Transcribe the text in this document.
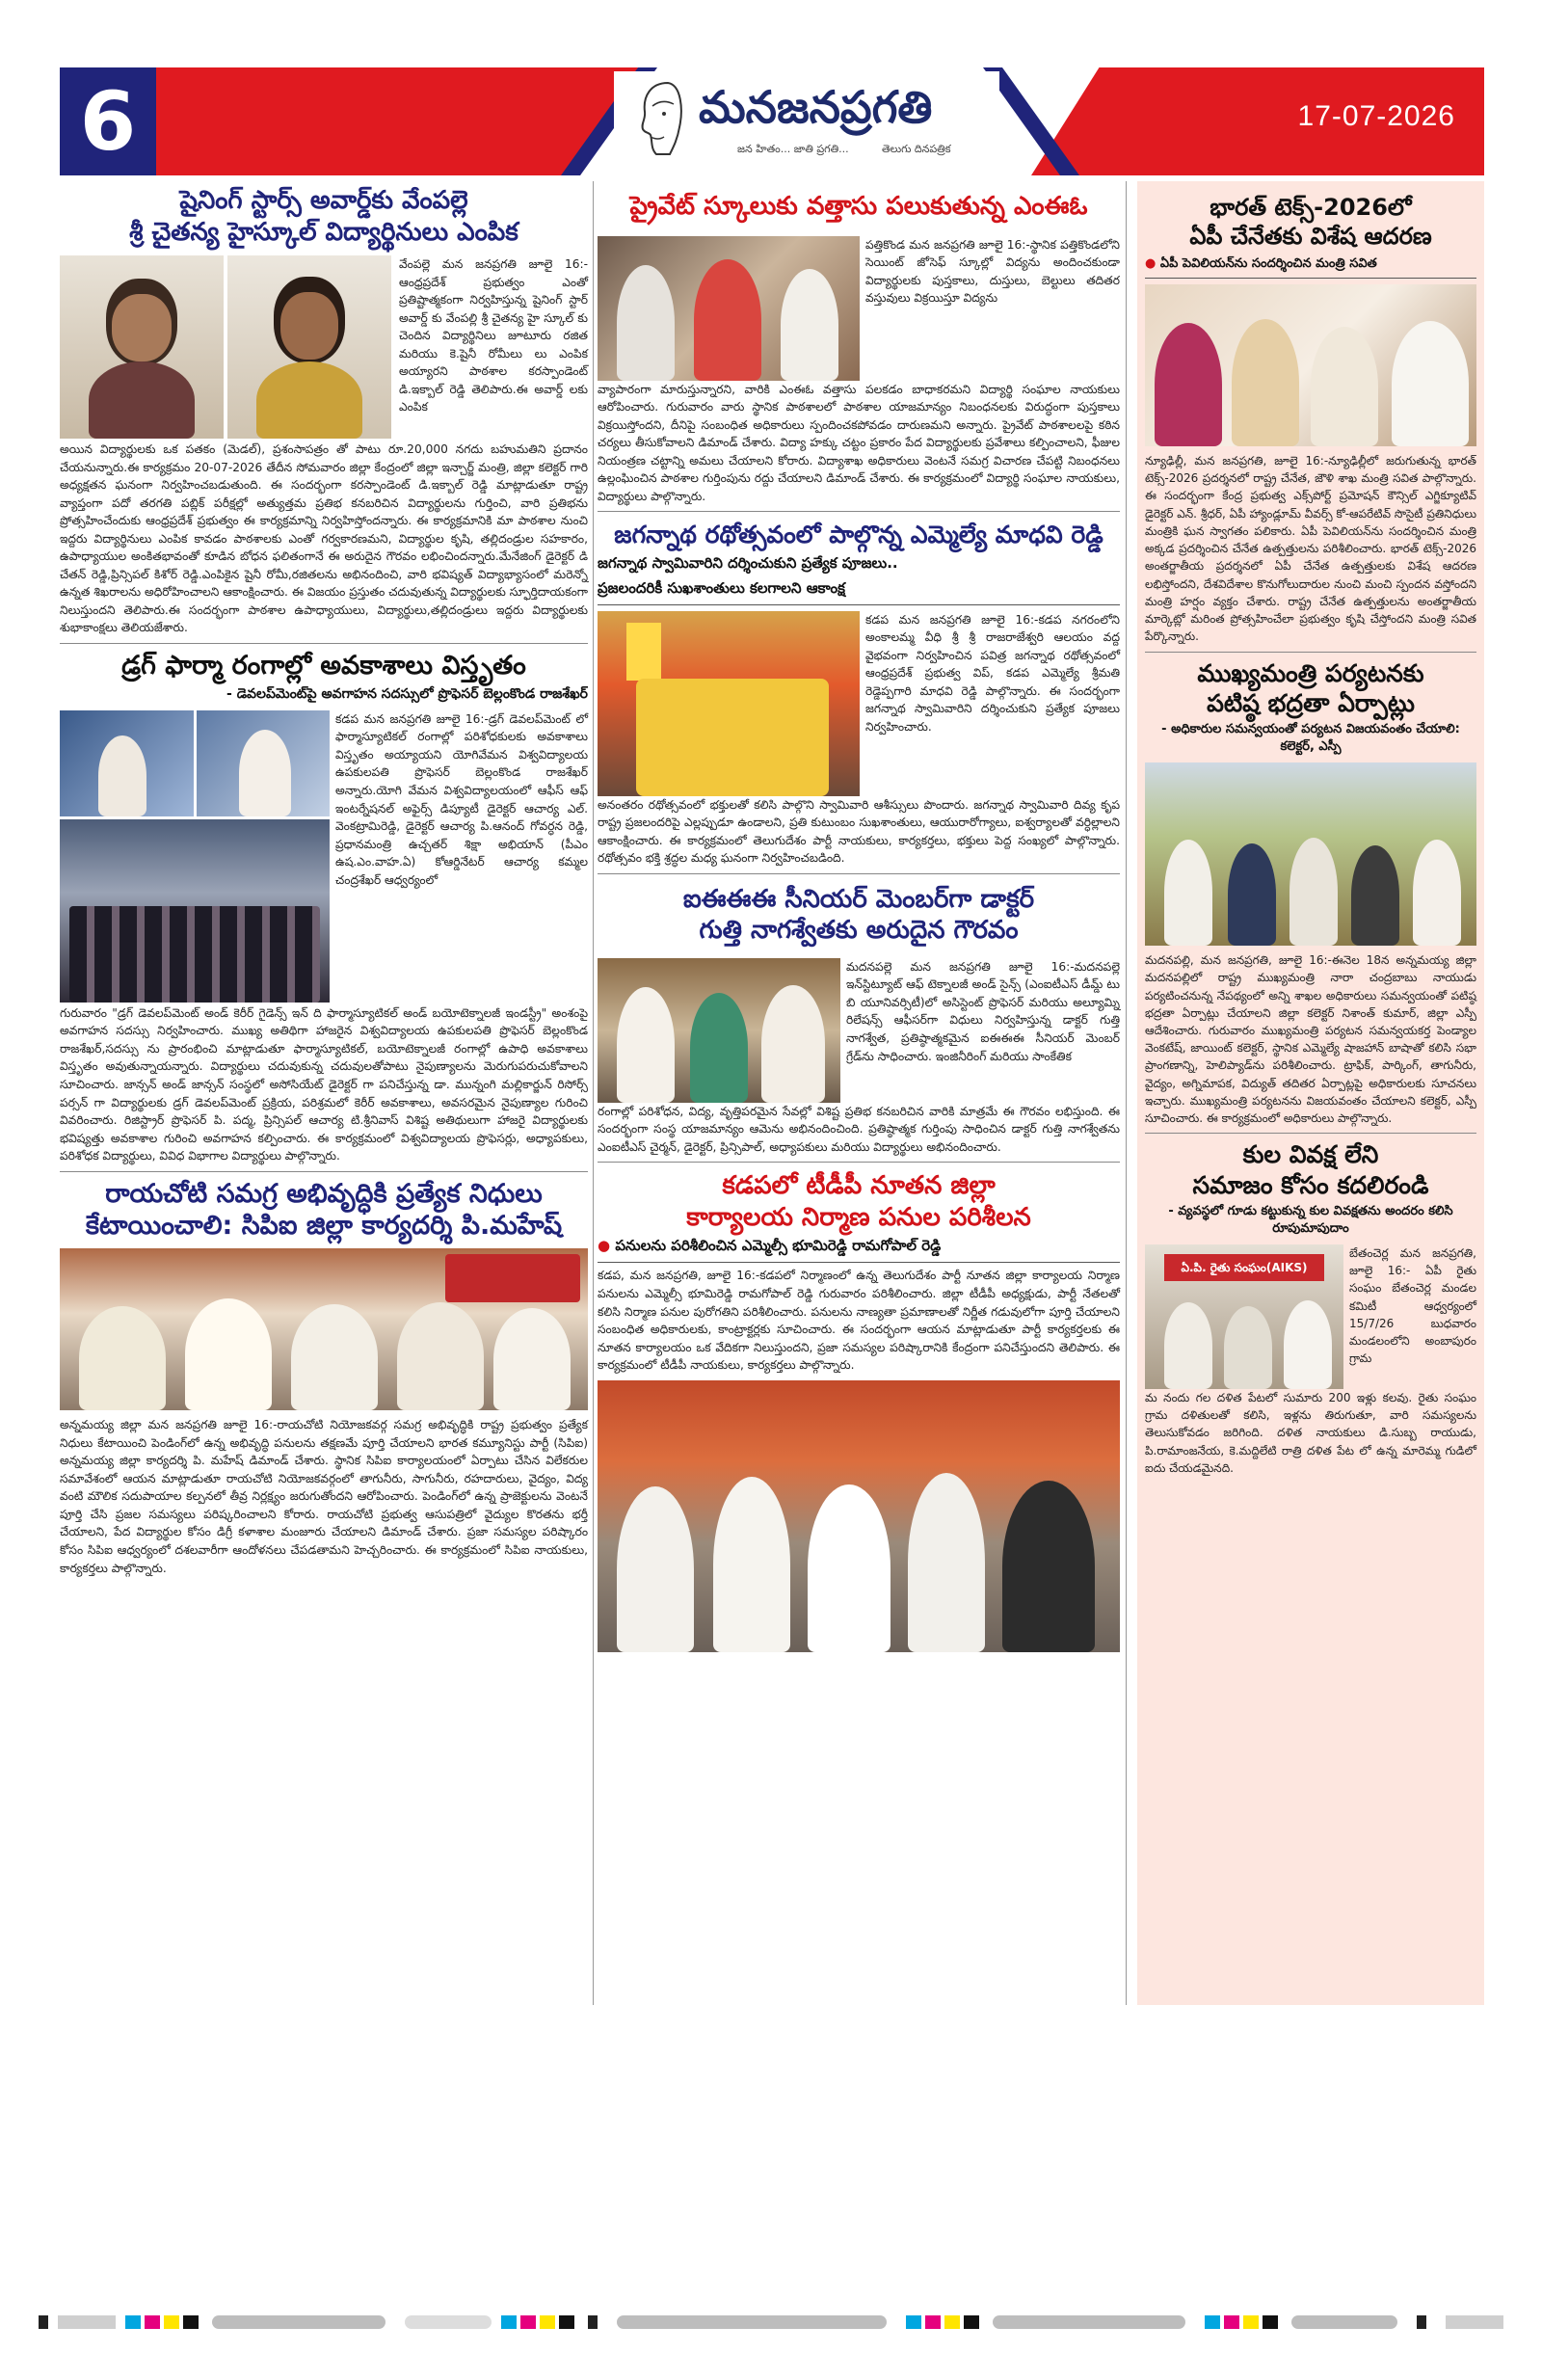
6	మనజనప్రగతి
జన హితం... జాతి ప్రగతి...	తెలుగు దినపత్రిక
17-07-2026
షైనింగ్ స్టార్స్ అవార్డ్‌కు వేంపల్లె
శ్రీ చైతన్య హైస్కూల్ విద్యార్థినులు ఎంపిక

వేంపల్లె మన జనప్రగతి జూలై 16:-ఆంధ్రప్రదేశ్ ప్రభుత్వం ఎంతో ప్రతిష్టాత్మకంగా నిర్వహిస్తున్న షైనింగ్ స్టార్ అవార్డ్ కు వేంపల్లి శ్రీ చైతన్య హై స్కూల్ కు చెందిన విద్యార్థినిలు జూటూరు రజిత మరియు కె.షైనీ రోమీలు లు ఎంపిక అయ్యారని పాఠశాల కరస్పాండెంట్ డి.ఇక్బాల్ రెడ్డి తెలిపారు.ఈ అవార్డ్ లకు ఎంపిక

అయిన విద్యార్థులకు ఒక పతకం (మెడల్), ప్రశంసాపత్రం తో పాటు రూ.20,000 నగదు బహుమతిని ప్రదానం చేయనున్నారు.ఈ కార్యక్రమం 20-07-2026 తేదీన సోమవారం జిల్లా కేంద్రంలో జిల్లా ఇన్చార్జ్ మంత్రి, జిల్లా కలెక్టర్ గారి అధ్యక్షతన ఘనంగా నిర్వహించబడుతుంది. ఈ సందర్భంగా కరస్పాండెంట్ డి.ఇక్బాల్ రెడ్డి మాట్లాడుతూ రాష్ట్ర వ్యాప్తంగా పదో తరగతి పబ్లిక్ పరీక్షల్లో అత్యుత్తమ ప్రతిభ కనబరిచిన విద్యార్థులను గుర్తించి, వారి ప్రతిభను ప్రోత్సహించేందుకు ఆంధ్రప్రదేశ్ ప్రభుత్వం ఈ కార్యక్రమాన్ని నిర్వహిస్తోందన్నారు. ఈ కార్యక్రమానికి మా పాఠశాల నుంచి ఇద్దరు విద్యార్థినులు ఎంపిక కావడం పాఠశాలకు ఎంతో గర్వకారణమని, విద్యార్థుల కృషి, తల్లిదండ్రుల సహకారం, ఉపాధ్యాయుల అంకితభావంతో కూడిన బోధన ఫలితంగానే ఈ అరుదైన గౌరవం లభించిందన్నారు.మేనేజింగ్ డైరెక్టర్ డి చేతన్ రెడ్డి,ప్రిన్సిపల్ కిశోర్ రెడ్డి.ఎంపికైన షైనీ రోమీ,రజితలను అభినందించి, వారి భవిష్యత్ విద్యాభ్యాసంలో మరెన్నో ఉన్నత శిఖరాలను అధిరోహించాలని ఆకాంక్షించారు. ఈ విజయం ప్రస్తుతం చదువుతున్న విద్యార్థులకు స్ఫూర్తిదాయకంగా నిలుస్తుందని తెలిపారు.ఈ సందర్భంగా పాఠశాల ఉపాధ్యాయులు, విద్యార్థులు,తల్లిదండ్రులు ఇద్దరు విద్యార్థులకు శుభాకాంక్షలు తెలియజేశారు.

డ్రగ్ ఫార్మా రంగాల్లో అవకాశాలు విస్తృతం
- డెవలప్‌మెంట్‌పై అవగాహన సదస్సులో ప్రొఫెసర్ బెల్లంకొండ రాజశేఖర్

కడప మన జనప్రగతి జూలై 16:-డ్రగ్ డెవలప్‌మెంట్ లో ఫార్మాస్యూటికల్ రంగాల్లో పరిశోధకులకు అవకాశాలు విస్తృతం అయ్యాయని యోగివేమన విశ్వవిద్యాలయ ఉపకులపతి ప్రొఫెసర్ బెల్లంకొండ రాజశేఖర్ అన్నారు.యోగి వేమన విశ్వవిద్యాలయంలో ఆఫీస్ ఆఫ్ ఇంటర్నేషనల్ అఫైర్స్ డిప్యూటీ డైరెక్టర్ ఆచార్య ఎల్. వెంకట్రామిరెడ్డి, డైరెక్టర్ ఆచార్య పి.ఆనంద్ గోవర్ధన రెడ్డి, ప్రధానమంత్రి ఉచ్చతర్ శిక్షా అభియాన్ (పీఎం ఉష.ఎం.వాహ.ఏ) కోఆర్డినేటర్ ఆచార్య కమ్మల చంద్రశేఖర్ ఆధ్వర్యంలో

గురువారం "డ్రగ్ డెవలప్‌మెంట్ అండ్ కెరీర్ గైడెన్స్ ఇన్ ది ఫార్మాస్యూటికల్ అండ్ బయోటెక్నాలజీ ఇండస్ట్రీ" అంశంపై అవగాహన సదస్సు నిర్వహించారు. ముఖ్య అతిథిగా హాజరైన విశ్వవిద్యాలయ ఉపకులపతి ప్రొఫెసర్ బెల్లంకొండ రాజశేఖర్,సదస్సు ను ప్రారంభించి మాట్లాడుతూ ఫార్మాస్యూటికల్, బయోటెక్నాలజీ రంగాల్లో ఉపాధి అవకాశాలు విస్తృతం అవుతున్నాయన్నారు. విద్యార్థులు చదువుకున్న చదువులతోపాటు నైపుణ్యాలను మెరుగుపరుచుకోవాలని సూచించారు. జాన్సన్ అండ్ జాన్సన్ సంస్థలో అసోసియేట్ డైరెక్టర్ గా పనిచేస్తున్న డా. మున్నంగి మల్లికార్జున్ రిసోర్స్ పర్సన్ గా విద్యార్థులకు డ్రగ్ డెవలప్‌మెంట్ ప్రక్రియ, పరిశ్రమలో కెరీర్ అవకాశాలు, అవసరమైన నైపుణ్యాల గురించి వివరించారు. రిజిస్ట్రార్ ప్రొఫెసర్ పి. పద్మ, ప్రిన్సిపల్ ఆచార్య టి.శ్రీనివాస్ విశిష్ట అతిథులుగా హాజరై విద్యార్థులకు భవిష్యత్తు అవకాశాల గురించి అవగాహన కల్పించారు. ఈ కార్యక్రమంలో విశ్వవిద్యాలయ ప్రొఫెసర్లు, అధ్యాపకులు, పరిశోధక విద్యార్థులు, వివిధ విభాగాల విద్యార్థులు పాల్గొన్నారు.

రాయచోటి సమగ్ర అభివృద్ధికి ప్రత్యేక నిధులు
కేటాయించాలి: సిపిఐ జిల్లా కార్యదర్శి పి.మహేష్

అన్నమయ్య జిల్లా మన జనప్రగతి జూలై 16:-రాయచోటి నియోజకవర్గ సమగ్ర అభివృద్ధికి రాష్ట్ర ప్రభుత్వం ప్రత్యేక నిధులు కేటాయించి పెండింగ్‌లో ఉన్న అభివృద్ధి పనులను తక్షణమే పూర్తి చేయాలని భారత కమ్యూనిస్టు పార్టీ (సిపిఐ) అన్నమయ్య జిల్లా కార్యదర్శి పి. మహేష్ డిమాండ్ చేశారు. స్థానిక సిపిఐ కార్యాలయంలో ఏర్పాటు చేసిన విలేకరుల సమావేశంలో ఆయన మాట్లాడుతూ రాయచోటి నియోజకవర్గంలో తాగునీరు, సాగునీరు, రహదారులు, వైద్యం, విద్య వంటి మౌలిక సదుపాయాల కల్పనలో తీవ్ర నిర్లక్ష్యం జరుగుతోందని ఆరోపించారు. పెండింగ్‌లో ఉన్న ప్రాజెక్టులను వెంటనే పూర్తి చేసి ప్రజల సమస్యలు పరిష్కరించాలని కోరారు. రాయచోటి ప్రభుత్వ ఆసుపత్రిలో వైద్యుల కొరతను భర్తీ చేయాలని, పేద విద్యార్థుల కోసం డిగ్రీ కళాశాల మంజూరు చేయాలని డిమాండ్ చేశారు. ప్రజా సమస్యల పరిష్కారం కోసం సిపిఐ ఆధ్వర్యంలో దశలవారీగా ఆందోళనలు చేపడతామని హెచ్చరించారు. ఈ కార్యక్రమంలో సిపిఐ నాయకులు, కార్యకర్తలు పాల్గొన్నారు.

ప్రైవేట్ స్కూలుకు వత్తాసు పలుకుతున్న ఎంఈఓ

పత్తికొండ మన జనప్రగతి జూలై 16:-స్థానిక పత్తికొండలోని సెయింట్ జోసెఫ్ స్కూల్లో విద్యను అందించకుండా విద్యార్థులకు పుస్తకాలు, దుస్తులు, బెల్టులు తదితర వస్తువులు విక్రయిస్తూ విద్యను

వ్యాపారంగా మారుస్తున్నారని, వారికి ఎంఈఓ వత్తాసు పలకడం బాధాకరమని విద్యార్థి సంఘాల నాయకులు ఆరోపించారు. గురువారం వారు స్థానిక పాఠశాలలో పాఠశాల యాజమాన్యం నిబంధనలకు విరుద్ధంగా పుస్తకాలు విక్రయిస్తోందని, దీనిపై సంబంధిత అధికారులు స్పందించకపోవడం దారుణమని అన్నారు. ప్రైవేట్ పాఠశాలలపై కఠిన చర్యలు తీసుకోవాలని డిమాండ్ చేశారు. విద్యా హక్కు చట్టం ప్రకారం పేద విద్యార్థులకు ప్రవేశాలు కల్పించాలని, ఫీజుల నియంత్రణ చట్టాన్ని అమలు చేయాలని కోరారు. విద్యాశాఖ అధికారులు వెంటనే సమగ్ర విచారణ చేపట్టి నిబంధనలు ఉల్లంఘించిన పాఠశాల గుర్తింపును రద్దు చేయాలని డిమాండ్ చేశారు. ఈ కార్యక్రమంలో విద్యార్థి సంఘాల నాయకులు, విద్యార్థులు పాల్గొన్నారు.

జగన్నాథ రథోత్సవంలో పాల్గొన్న ఎమ్మెల్యే మాధవి రెడ్డి
జగన్నాథ స్వామివారిని దర్శించుకుని ప్రత్యేక పూజలు..
ప్రజలందరికీ సుఖశాంతులు కలగాలని ఆకాంక్ష

కడప మన జనప్రగతి జూలై 16:-కడప నగరంలోని అంకాలమ్మ వీధి శ్రీ శ్రీ రాజరాజేశ్వరి ఆలయం వద్ద వైభవంగా నిర్వహించిన పవిత్ర జగన్నాథ రథోత్సవంలో ఆంధ్రప్రదేశ్ ప్రభుత్వ విప్, కడప ఎమ్మెల్యే శ్రీమతి రెడ్డెప్పగారి మాధవి రెడ్డి పాల్గొన్నారు. ఈ సందర్భంగా జగన్నాథ స్వామివారిని దర్శించుకుని ప్రత్యేక పూజలు నిర్వహించారు.

అనంతరం రథోత్సవంలో భక్తులతో కలిసి పాల్గొని స్వామివారి ఆశీస్సులు పొందారు. జగన్నాథ స్వామివారి దివ్య కృప రాష్ట్ర ప్రజలందరిపై ఎల్లప్పుడూ ఉండాలని, ప్రతి కుటుంబం సుఖశాంతులు, ఆయురారోగ్యాలు, ఐశ్వర్యాలతో వర్ధిల్లాలని ఆకాంక్షించారు. ఈ కార్యక్రమంలో తెలుగుదేశం పార్టీ నాయకులు, కార్యకర్తలు, భక్తులు పెద్ద సంఖ్యలో పాల్గొన్నారు. రథోత్సవం భక్తి శ్రద్ధల మధ్య ఘనంగా నిర్వహించబడింది.

ఐఈఈఈ సీనియర్ మెంబర్‌గా డాక్టర్
గుత్తి నాగశ్వేతకు అరుదైన గౌరవం

మదనపల్లె మన జనప్రగతి జూలై 16:-మదనపల్లె ఇన్‌స్టిట్యూట్ ఆఫ్ టెక్నాలజీ అండ్ సైన్స్ (ఎంఐటీఎస్ డీమ్డ్ టు బి యూనివర్సిటీ)లో అసిస్టెంట్ ప్రొఫెసర్ మరియు అల్యూమ్ని రిలేషన్స్ ఆఫీసర్‌గా విధులు నిర్వహిస్తున్న డాక్టర్ గుత్తి నాగశ్వేత, ప్రతిష్ఠాత్మకమైన ఐఈఈఈ సీనియర్ మెంబర్ గ్రేడ్‌ను సాధించారు. ఇంజినీరింగ్ మరియు సాంకేతిక

రంగాల్లో పరిశోధన, విద్య, వృత్తిపరమైన సేవల్లో విశిష్ట ప్రతిభ కనబరిచిన వారికి మాత్రమే ఈ గౌరవం లభిస్తుంది. ఈ సందర్భంగా సంస్థ యాజమాన్యం ఆమెను అభినందించింది. ప్రతిష్ఠాత్మక గుర్తింపు సాధించిన డాక్టర్ గుత్తి నాగశ్వేతను ఎంఐటీఎస్ చైర్మన్, డైరెక్టర్, ప్రిన్సిపాల్, అధ్యాపకులు మరియు విద్యార్థులు అభినందించారు.

కడపలో టీడీపీ నూతన జిల్లా
కార్యాలయ నిర్మాణ పనుల పరిశీలన
● పనులను పరిశీలించిన ఎమ్మెల్సీ భూమిరెడ్డి రామగోపాల్ రెడ్డి

కడప, మన జనప్రగతి, జూలై 16:-కడపలో నిర్మాణంలో ఉన్న తెలుగుదేశం పార్టీ నూతన జిల్లా కార్యాలయ నిర్మాణ పనులను ఎమ్మెల్సీ భూమిరెడ్డి రామగోపాల్ రెడ్డి గురువారం పరిశీలించారు. జిల్లా టీడీపీ అధ్యక్షుడు, పార్టీ నేతలతో కలిసి నిర్మాణ పనుల పురోగతిని పరిశీలించారు. పనులను నాణ్యతా ప్రమాణాలతో నిర్ణీత గడువులోగా పూర్తి చేయాలని సంబంధిత అధికారులకు, కాంట్రాక్టర్లకు సూచించారు. ఈ సందర్భంగా ఆయన మాట్లాడుతూ పార్టీ కార్యకర్తలకు ఈ నూతన కార్యాలయం ఒక వేదికగా నిలుస్తుందని, ప్రజా సమస్యల పరిష్కారానికి కేంద్రంగా పనిచేస్తుందని తెలిపారు. ఈ కార్యక్రమంలో టీడీపీ నాయకులు, కార్యకర్తలు పాల్గొన్నారు.

భారత్ టెక్స్-2026లో
ఏపీ చేనేతకు విశేష ఆదరణ
● ఏపీ పెవిలియన్‌ను సందర్శించిన మంత్రి సవిత

న్యూఢిల్లీ, మన జనప్రగతి, జూలై 16:-న్యూఢిల్లీలో జరుగుతున్న భారత్ టెక్స్-2026 ప్రదర్శనలో రాష్ట్ర చేనేత, జౌళి శాఖ మంత్రి సవిత పాల్గొన్నారు. ఈ సందర్భంగా కేంద్ర ప్రభుత్వ ఎక్స్‌పోర్ట్ ప్రమోషన్ కౌన్సిల్ ఎగ్జిక్యూటివ్ డైరెక్టర్ ఎన్. శ్రీధర్, ఏపీ హ్యాండ్లూమ్ వీవర్స్ కో-ఆపరేటివ్ సొసైటీ ప్రతినిధులు మంత్రికి ఘన స్వాగతం పలికారు. ఏపీ పెవిలియన్‌ను సందర్శించిన మంత్రి అక్కడ ప్రదర్శించిన చేనేత ఉత్పత్తులను పరిశీలించారు. భారత్ టెక్స్-2026 అంతర్జాతీయ ప్రదర్శనలో ఏపీ చేనేత ఉత్పత్తులకు విశేష ఆదరణ లభిస్తోందని, దేశవిదేశాల కొనుగోలుదారుల నుంచి మంచి స్పందన వస్తోందని మంత్రి హర్షం వ్యక్తం చేశారు. రాష్ట్ర చేనేత ఉత్పత్తులను అంతర్జాతీయ మార్కెట్లో మరింత ప్రోత్సహించేలా ప్రభుత్వం కృషి చేస్తోందని మంత్రి సవిత పేర్కొన్నారు.

ముఖ్యమంత్రి పర్యటనకు
పటిష్ఠ భద్రతా ఏర్పాట్లు
- అధికారుల సమన్వయంతో పర్యటన విజయవంతం చేయాలి: కలెక్టర్, ఎస్పీ

మదనపల్లి, మన జనప్రగతి, జూలై 16:-ఈనెల 18న అన్నమయ్య జిల్లా మదనపల్లిలో రాష్ట్ర ముఖ్యమంత్రి నారా చంద్రబాబు నాయుడు పర్యటించనున్న నేపథ్యంలో అన్ని శాఖల అధికారులు సమన్వయంతో పటిష్ఠ భద్రతా ఏర్పాట్లు చేయాలని జిల్లా కలెక్టర్ నిశాంత్ కుమార్, జిల్లా ఎస్పీ ఆదేశించారు. గురువారం ముఖ్యమంత్రి పర్యటన సమన్వయకర్త పెండ్యాల వెంకటేష్, జాయింట్ కలెక్టర్, స్థానిక ఎమ్మెల్యే షాజహాన్ బాషాతో కలిసి సభా ప్రాంగణాన్ని, హెలిప్యాడ్‌ను పరిశీలించారు. ట్రాఫిక్, పార్కింగ్, తాగునీరు, వైద్యం, అగ్నిమాపక, విద్యుత్ తదితర ఏర్పాట్లపై అధికారులకు సూచనలు ఇచ్చారు. ముఖ్యమంత్రి పర్యటనను విజయవంతం చేయాలని కలెక్టర్, ఎస్పీ సూచించారు. ఈ కార్యక్రమంలో అధికారులు పాల్గొన్నారు.

కుల వివక్ష లేని
సమాజం కోసం కదలిరండి
- వ్యవస్థలో గూడు కట్టుకున్న కుల వివక్షతను అందరం కలిసి రూపుమాపుదాం
ఏ.పి. రైతు సంఘం(AIKS)

బేతంచెర్ల మన జనప్రగతి, జూలై 16:- ఏపీ రైతు సంఘం బేతంచెర్ల మండల కమిటీ ఆధ్వర్యంలో 15/7/26 బుధవారం మండలంలోని అంబాపురం గ్రామ

మ నందు గల దళిత పేటలో సుమారు 200 ఇళ్లు కలవు. రైతు సంఘం గ్రామ దళితులతో కలిసి, ఇళ్లను తిరుగుతూ, వారి సమస్యలను తెలుసుకోవడం జరిగింది. దళిత నాయకులు డి.సుబ్బ రాయుడు, పి.రామాంజనేయ, కె.మద్దిలేటి రాత్రి దళిత పేట లో ఉన్న మారెమ్మ గుడిలో ఐదు చేయడమైనది.
